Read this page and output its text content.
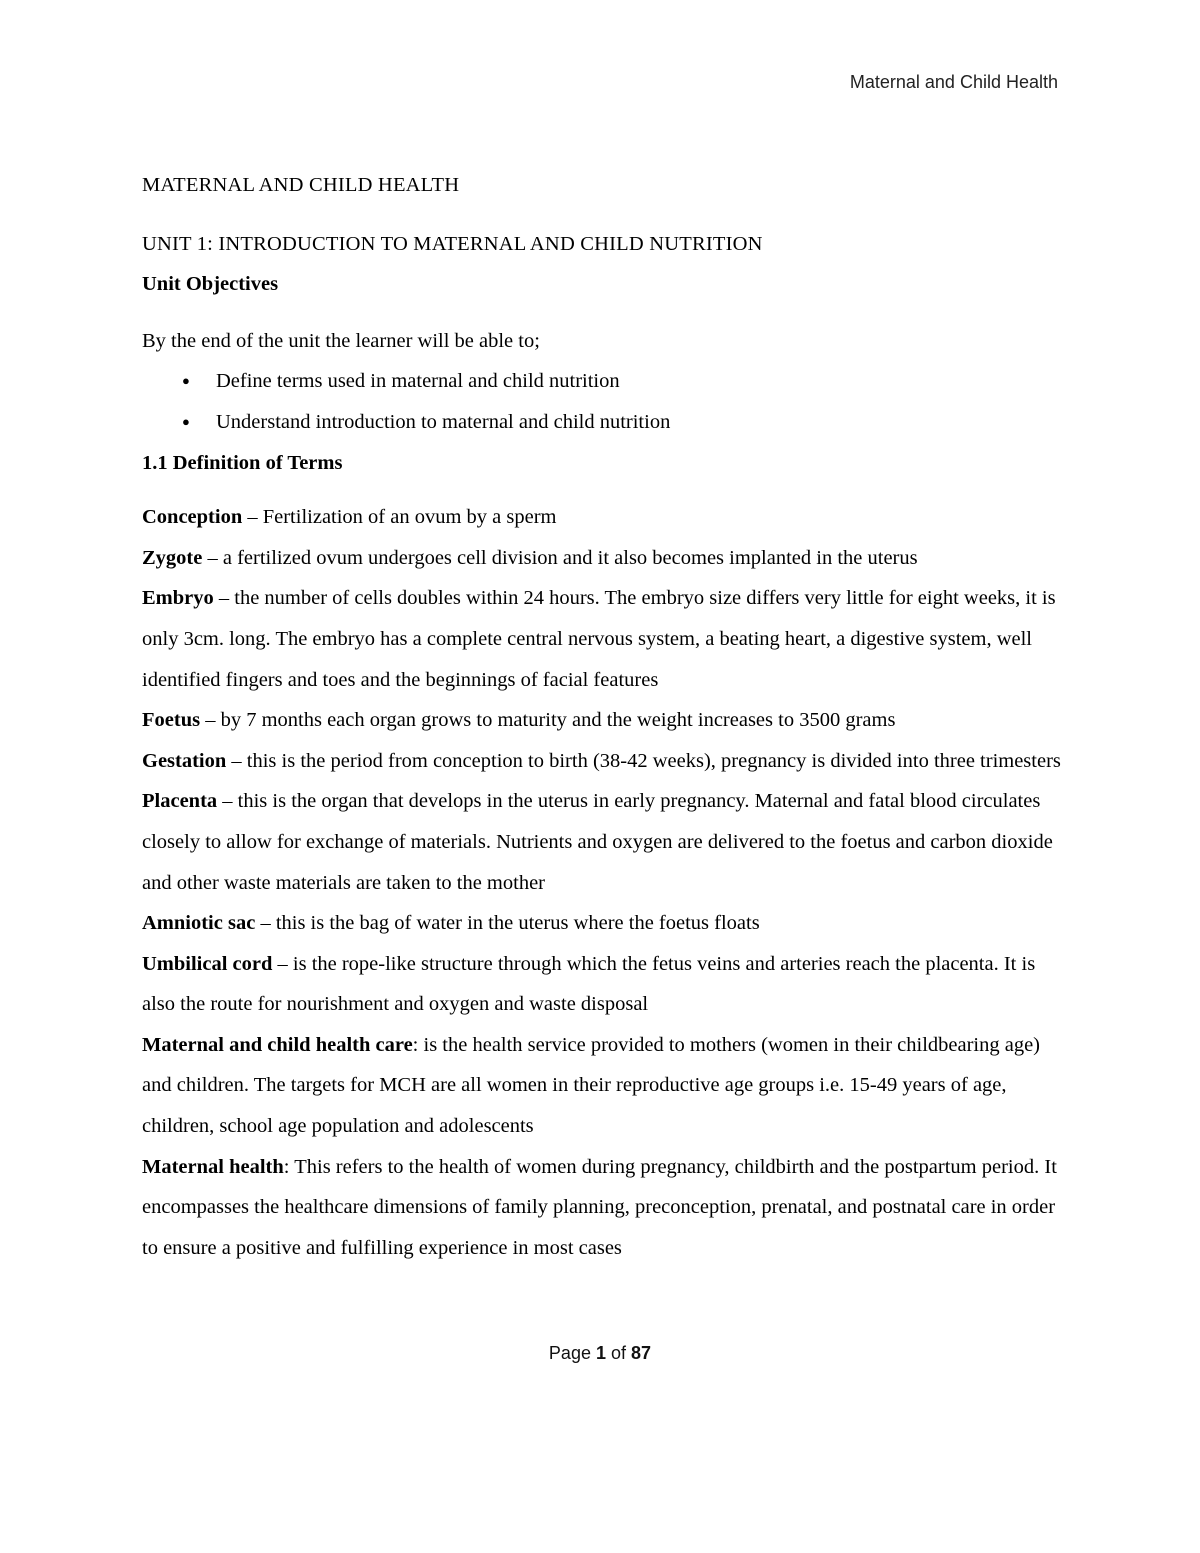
Maternal and Child Health
MATERNAL AND CHILD HEALTH
UNIT 1: INTRODUCTION TO MATERNAL AND CHILD NUTRITION
Unit Objectives

By the end of the unit the learner will be able to;

● Define terms used in maternal and child nutrition
● Understand introduction to maternal and child nutrition
1.1 Definition of Terms

Conception – Fertilization of an ovum by a sperm

Zygote – a fertilized ovum undergoes cell division and it also becomes implanted in the uterus

Embryo – the number of cells doubles within 24 hours. The embryo size differs very little for eight weeks, it is only 3cm. long. The embryo has a complete central nervous system, a beating heart, a digestive system, well identified fingers and toes and the beginnings of facial features

Foetus – by 7 months each organ grows to maturity and the weight increases to 3500 grams

Gestation – this is the period from conception to birth (38-42 weeks), pregnancy is divided into three trimesters

Placenta – this is the organ that develops in the uterus in early pregnancy. Maternal and fatal blood circulates closely to allow for exchange of materials. Nutrients and oxygen are delivered to the foetus and carbon dioxide and other waste materials are taken to the mother

Amniotic sac – this is the bag of water in the uterus where the foetus floats

Umbilical cord – is the rope-like structure through which the fetus veins and arteries reach the placenta. It is also the route for nourishment and oxygen and waste disposal

Maternal and child health care: is the health service provided to mothers (women in their childbearing age) and children. The targets for MCH are all women in their reproductive age groups i.e. 15-49 years of age, children, school age population and adolescents

Maternal health: This refers to the health of women during pregnancy, childbirth and the postpartum period. It encompasses the healthcare dimensions of family planning, preconception, prenatal, and postnatal care in order to ensure a positive and fulfilling experience in most cases

Page 1 of 87
